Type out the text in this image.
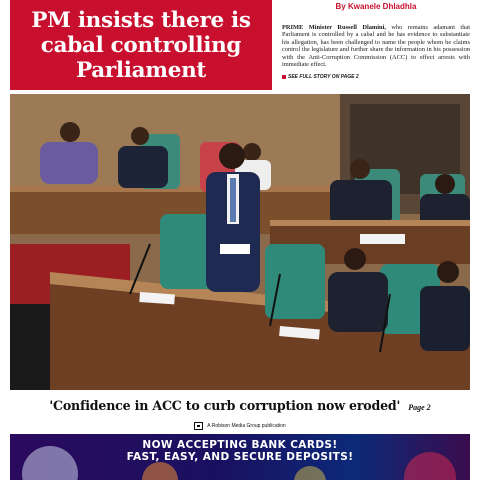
PM insists there is
cabal controlling
Parliament
By Kwanele Dhladhla
PRIME Minister Russell Dlamini, who remains adamant that Parliament is controlled by a cabal and he has evidence to substantiate his allegation, has been challenged to name the people whom he claims control the legislature and further share the information in his possession with the Anti-Corruption Commission (ACC) to effect arrests with immediate effect.
SEE FULL STORY ON PAGE 2
'Confidence in ACC to curb corruption now eroded' Page 2
A Robison Media Group publication
NOW ACCEPTING BANK CARDS!
FAST, EASY, AND SECURE DEPOSITS!
